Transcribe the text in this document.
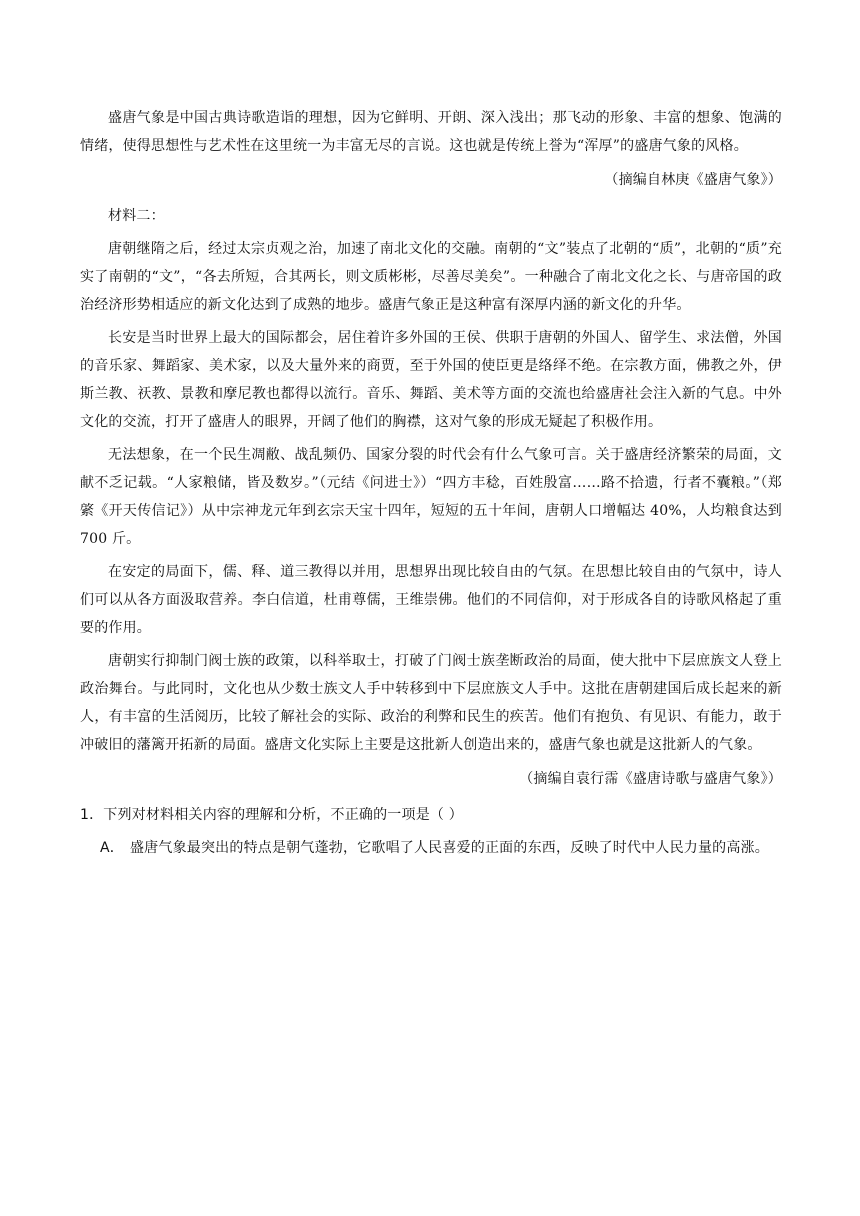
盛唐气象是中国古典诗歌造诣的理想，因为它鲜明、开朗、深入浅出；那飞动的形象、丰富的想象、饱满的情绪，使得思想性与艺术性在这里统一为丰富无尽的言说。这也就是传统上誉为“浑厚”的盛唐气象的风格。

（摘编自林庚《盛唐气象》）

材料二：

唐朝继隋之后，经过太宗贞观之治，加速了南北文化的交融。南朝的“文”装点了北朝的“质”，北朝的“质”充实了南朝的“文”，“各去所短，合其两长，则文质彬彬，尽善尽美矣”。一种融合了南北文化之长、与唐帝国的政治经济形势相适应的新文化达到了成熟的地步。盛唐气象正是这种富有深厚内涵的新文化的升华。

长安是当时世界上最大的国际都会，居住着许多外国的王侯、供职于唐朝的外国人、留学生、求法僧，外国的音乐家、舞蹈家、美术家，以及大量外来的商贾，至于外国的使臣更是络绎不绝。在宗教方面，佛教之外，伊斯兰教、祆教、景教和摩尼教也都得以流行。音乐、舞蹈、美术等方面的交流也给盛唐社会注入新的气息。中外文化的交流，打开了盛唐人的眼界，开阔了他们的胸襟，这对气象的形成无疑起了积极作用。

无法想象，在一个民生凋敝、战乱频仍、国家分裂的时代会有什么气象可言。关于盛唐经济繁荣的局面，文献不乏记载。“人家粮储，皆及数岁。”（元结《问进士》）“四方丰稔，百姓殷富……路不拾遗，行者不囊粮。”（郑綮《开天传信记》）从中宗神龙元年到玄宗天宝十四年，短短的五十年间，唐朝人口增幅达 40%，人均粮食达到 700 斤。

在安定的局面下，儒、释、道三教得以并用，思想界出现比较自由的气氛。在思想比较自由的气氛中，诗人们可以从各方面汲取营养。李白信道，杜甫尊儒，王维崇佛。他们的不同信仰，对于形成各自的诗歌风格起了重要的作用。

唐朝实行抑制门阀士族的政策，以科举取士，打破了门阀士族垄断政治的局面，使大批中下层庶族文人登上政治舞台。与此同时，文化也从少数士族文人手中转移到中下层庶族文人手中。这批在唐朝建国后成长起来的新人，有丰富的生活阅历，比较了解社会的实际、政治的利弊和民生的疾苦。他们有抱负、有见识、有能力，敢于冲破旧的藩篱开拓新的局面。盛唐文化实际上主要是这批新人创造出来的，盛唐气象也就是这批新人的气象。

（摘编自袁行霈《盛唐诗歌与盛唐气象》）

1．下列对材料相关内容的理解和分析，不正确的一项是（ ）

A． 盛唐气象最突出的特点是朝气蓬勃，它歌唱了人民喜爱的正面的东西，反映了时代中人民力量的高涨。
